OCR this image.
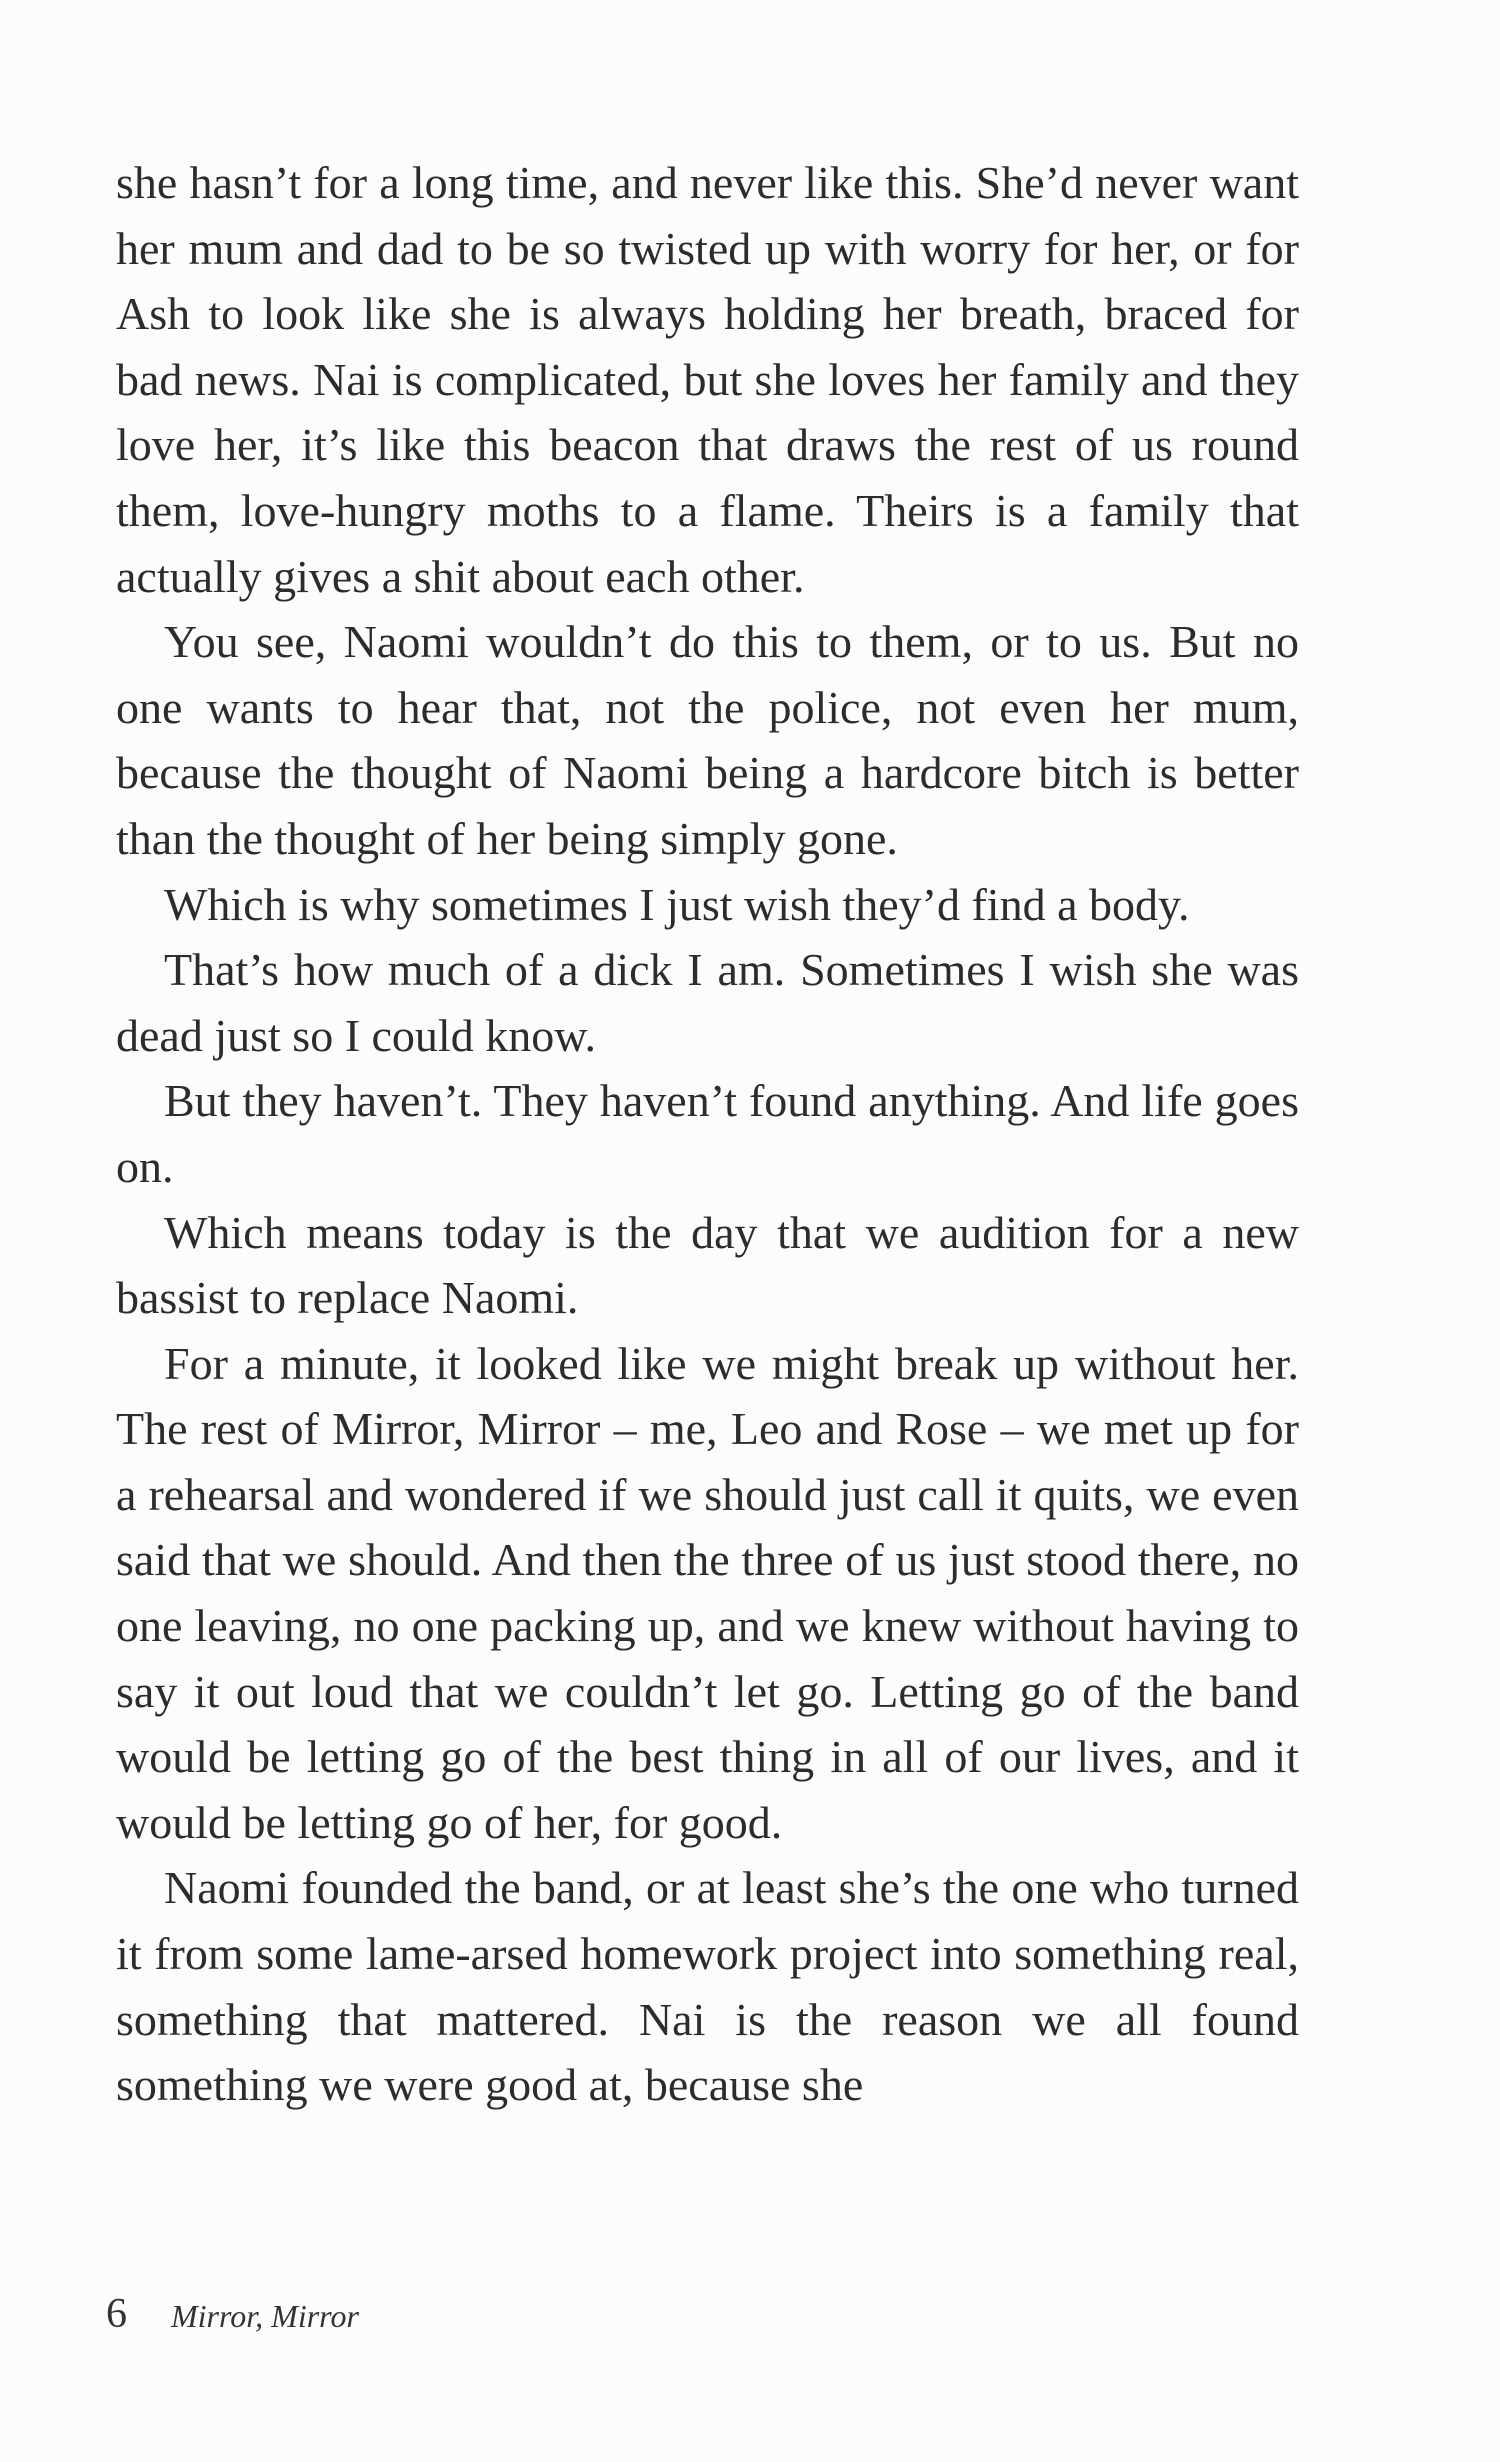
she hasn’t for a long time, and never like this. She’d never want her mum and dad to be so twisted up with worry for her, or for Ash to look like she is always holding her breath, braced for bad news. Nai is complicated, but she loves her family and they love her, it’s like this beacon that draws the rest of us round them, love-hungry moths to a flame. Theirs is a family that actually gives a shit about each other.

You see, Naomi wouldn’t do this to them, or to us. But no one wants to hear that, not the police, not even her mum, because the thought of Naomi being a hardcore bitch is better than the thought of her being simply gone.

Which is why sometimes I just wish they’d find a body.

That’s how much of a dick I am. Sometimes I wish she was dead just so I could know.

But they haven’t. They haven’t found anything. And life goes on.

Which means today is the day that we audition for a new bassist to replace Naomi.

For a minute, it looked like we might break up without her. The rest of Mirror, Mirror – me, Leo and Rose – we met up for a rehearsal and wondered if we should just call it quits, we even said that we should. And then the three of us just stood there, no one leaving, no one packing up, and we knew without having to say it out loud that we couldn’t let go. Letting go of the band would be letting go of the best thing in all of our lives, and it would be letting go of her, for good.

Naomi founded the band, or at least she’s the one who turned it from some lame-arsed homework project into something real, something that mattered. Nai is the reason we all found something we were good at, because she

6 Mirror, Mirror
